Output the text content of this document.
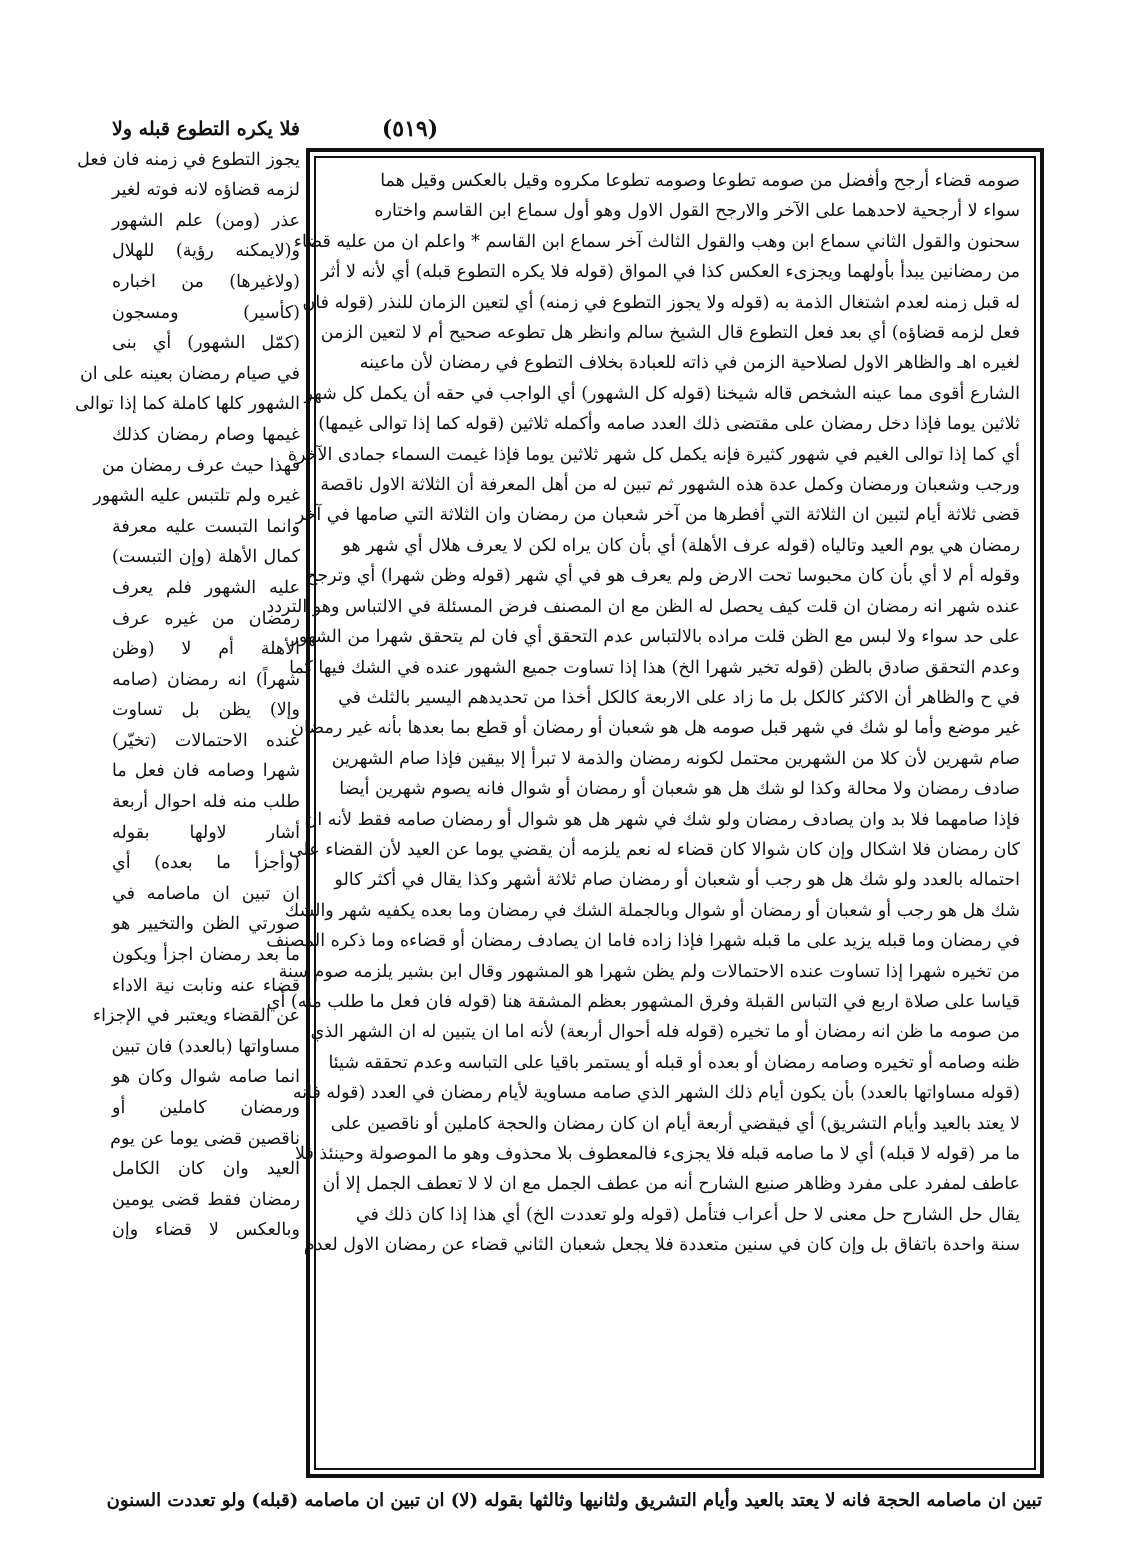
(٥١٩)
فلا يكره التطوع قبله ولا
يجوز التطوع في زمنه فان فعل
لزمه قضاؤه لانه فوته لغير
عذر (ومن) علم الشهور
و(لايمكنه رؤية) للهلال
(ولاغيرها) من اخباره
(كأسير) ومسجون
(كمّل الشهور) أي بنى
في صيام رمضان بعينه على ان
الشهور كلها كاملة كما إذا توالى
غيمها وصام رمضان كذلك
فهذا حيث عرف رمضان من
غيره ولم تلتبس عليه الشهور
وانما التبست عليه معرفة
كمال الأهلة (وإن التبست)
عليه الشهور فلم يعرف
رمضان من غيره عرف
الأهلة أم لا (وظن
شهراً) انه رمضان (صامه
وإلا) يظن بل تساوت
عنده الاحتمالات (تخيّر)
شهرا وصامه فان فعل ما
طلب منه فله احوال أربعة
أشار لاولها بقوله
(وأجزأ ما بعده) أي
ان تبين ان ماصامه في
صورتي الظن والتخيير هو
ما بعد رمضان اجزأ ويكون
قضاء عنه ونابت نية الاداء
عن القضاء ويعتبر في الإجزاء
مساواتها (بالعدد) فان تبين
انما صامه شوال وكان هو
ورمضان كاملين أو
ناقصين قضى يوما عن يوم
العيد وان كان الكامل
رمضان فقط قضى يومين
وبالعكس لا قضاء وإن
صومه قضاء أرجح وأفضل من صومه تطوعا وصومه تطوعا مكروه وقيل بالعكس وقيل هما
سواء لا أرجحية لاحدهما على الآخر والارجح القول الاول وهو أول سماع ابن القاسم واختاره
سحنون والقول الثاني سماع ابن وهب والقول الثالث آخر سماع ابن القاسم * واعلم ان من عليه قضاء
من رمضانين يبدأ بأولهما ويجزىء العكس كذا في المواق (قوله فلا يكره التطوع قبله) أي لأنه لا أثر
له قبل زمنه لعدم اشتغال الذمة به (قوله ولا يجوز التطوع في زمنه) أي لتعين الزمان للنذر (قوله فان
فعل لزمه قضاؤه) أي بعد فعل التطوع قال الشيخ سالم وانظر هل تطوعه صحيح أم لا لتعين الزمن
لغيره اهـ والظاهر الاول لصلاحية الزمن في ذاته للعبادة بخلاف التطوع في رمضان لأن ماعينه
الشارع أقوى مما عينه الشخص قاله شيخنا (قوله كل الشهور) أي الواجب في حقه أن يكمل كل شهر
ثلاثين يوما فإذا دخل رمضان على مقتضى ذلك العدد صامه وأكمله ثلاثين (قوله كما إذا توالى غيمها)
أي كما إذا توالى الغيم في شهور كثيرة فإنه يكمل كل شهر ثلاثين يوما فإذا غيمت السماء جمادى الآخرة
ورجب وشعبان ورمضان وكمل عدة هذه الشهور ثم تبين له من أهل المعرفة أن الثلاثة الاول ناقصة
قضى ثلاثة أيام لتبين ان الثلاثة التي أفطرها من آخر شعبان من رمضان وان الثلاثة التي صامها في آخر
رمضان هي يوم العيد وتالياه (قوله عرف الأهلة) أي بأن كان يراه لكن لا يعرف هلال أي شهر هو
وقوله أم لا أي بأن كان محبوسا تحت الارض ولم يعرف هو في أي شهر (قوله وظن شهرا) أي وترجح
عنده شهر انه رمضان ان قلت كيف يحصل له الظن مع ان المصنف فرض المسئلة في الالتباس وهو التردد
على حد سواء ولا لبس مع الظن قلت مراده بالالتباس عدم التحقق أي فان لم يتحقق شهرا من الشهور
وعدم التحقق صادق بالظن (قوله تخير شهرا الخ) هذا إذا تساوت جميع الشهور عنده في الشك فيها كما
في ح والظاهر أن الاكثر كالكل بل ما زاد على الاربعة كالكل أخذا من تحديدهم اليسير بالثلث في
غير موضع وأما لو شك في شهر قبل صومه هل هو شعبان أو رمضان أو قطع بما بعدها بأنه غير رمضان
صام شهرين لأن كلا من الشهرين محتمل لكونه رمضان والذمة لا تبرأ إلا بيقين فإذا صام الشهرين
صادف رمضان ولا محالة وكذا لو شك هل هو شعبان أو رمضان أو شوال فانه يصوم شهرين أيضا
فإذا صامهما فلا بد وان يصادف رمضان ولو شك في شهر هل هو شوال أو رمضان صامه فقط لأنه ان
كان رمضان فلا اشكال وإن كان شوالا كان قضاء له نعم يلزمه أن يقضي يوما عن العيد لأن القضاء على
احتماله بالعدد ولو شك هل هو رجب أو شعبان أو رمضان صام ثلاثة أشهر وكذا يقال في أكثر كالو
شك هل هو رجب أو شعبان أو رمضان أو شوال وبالجملة الشك في رمضان وما بعده يكفيه شهر والشك
في رمضان وما قبله يزيد على ما قبله شهرا فإذا زاده فاما ان يصادف رمضان أو قضاءه وما ذكره المصنف
من تخيره شهرا إذا تساوت عنده الاحتمالات ولم يظن شهرا هو المشهور وقال ابن بشير يلزمه صوم سنة
قياسا على صلاة اربع في التباس القبلة وفرق المشهور بعظم المشقة هنا (قوله فان فعل ما طلب منه) أي
من صومه ما ظن انه رمضان أو ما تخيره (قوله فله أحوال أربعة) لأنه اما ان يتبين له ان الشهر الذي
ظنه وصامه أو تخيره وصامه رمضان أو بعده أو قبله أو يستمر باقيا على التباسه وعدم تحققه شيئا
(قوله مساواتها بالعدد) بأن يكون أيام ذلك الشهر الذي صامه مساوية لأيام رمضان في العدد (قوله فانه
لا يعتد بالعيد وأيام التشريق) أي فيقضي أربعة أيام ان كان رمضان والحجة كاملين أو ناقصين على
ما مر (قوله لا قبله) أي لا ما صامه قبله فلا يجزىء فالمعطوف بلا محذوف وهو ما الموصولة وحينئذ فلا
عاطف لمفرد على مفرد وظاهر صنيع الشارح أنه من عطف الجمل مع ان لا لا تعطف الجمل إلا أن
يقال حل الشارح حل معنى لا حل أعراب فتأمل (قوله ولو تعددت الخ) أي هذا إذا كان ذلك في
سنة واحدة باتفاق بل وإن كان في سنين متعددة فلا يجعل شعبان الثاني قضاء عن رمضان الاول لعدم
تبين ان ماصامه الحجة فانه لا يعتد بالعيد وأيام التشريق ولثانيها وثالثها بقوله (لا) ان تبين ان ماصامه (قبله) ولو تعددت السنون
